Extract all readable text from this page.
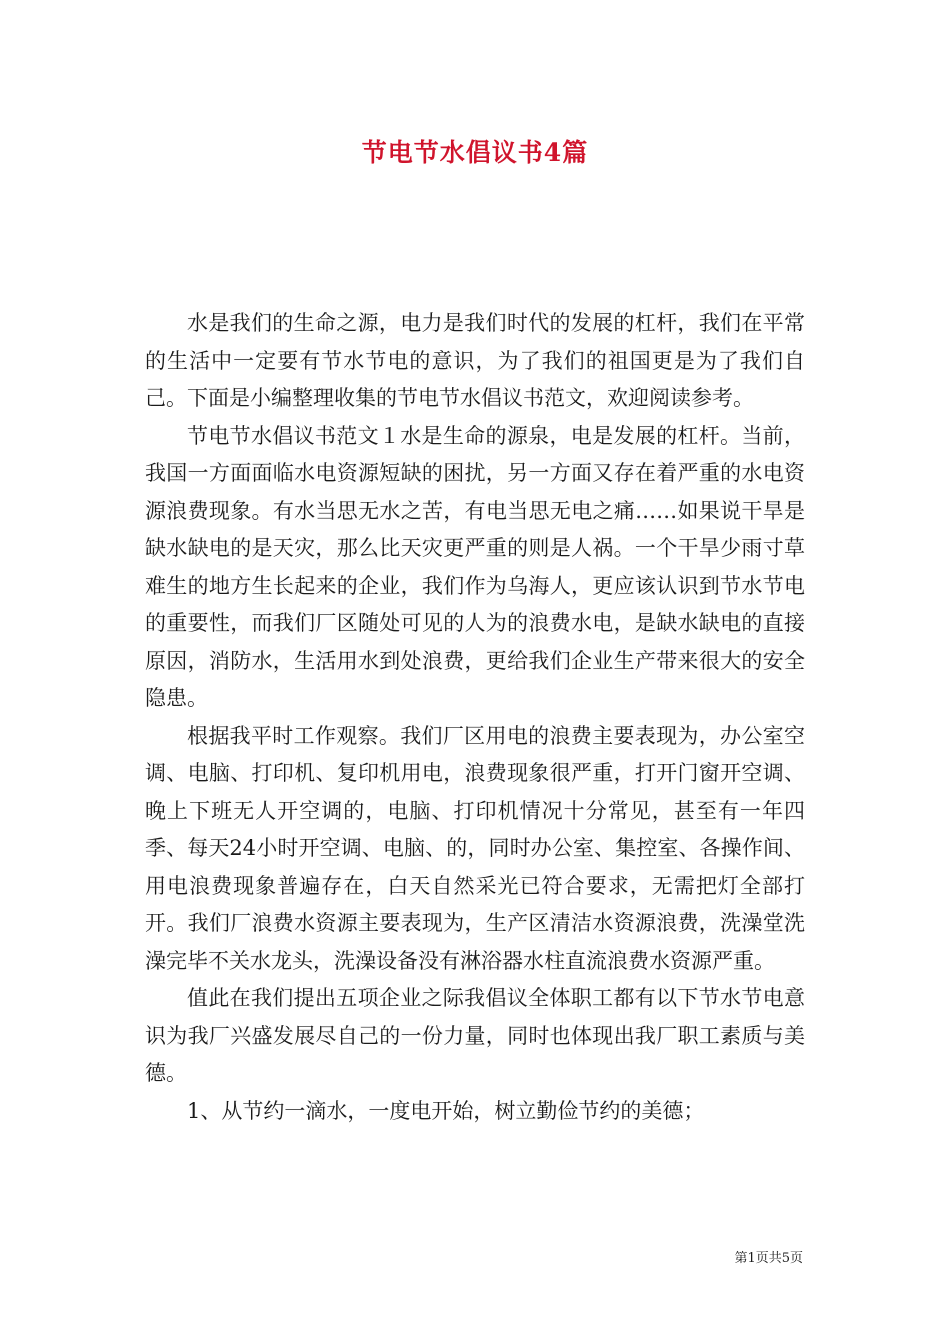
节电节水倡议书4篇

水是我们的生命之源，电力是我们时代的发展的杠杆，我们在平常的生活中一定要有节水节电的意识，为了我们的祖国更是为了我们自己。下面是小编整理收集的节电节水倡议书范文，欢迎阅读参考。

节电节水倡议书范文１水是生命的源泉，电是发展的杠杆。当前，我国一方面面临水电资源短缺的困扰，另一方面又存在着严重的水电资源浪费现象。有水当思无水之苦，有电当思无电之痛……如果说干旱是缺水缺电的是天灾，那么比天灾更严重的则是人祸。一个干旱少雨寸草难生的地方生长起来的企业，我们作为乌海人，更应该认识到节水节电的重要性，而我们厂区随处可见的人为的浪费水电，是缺水缺电的直接原因，消防水，生活用水到处浪费，更给我们企业生产带来很大的安全隐患。

根据我平时工作观察。我们厂区用电的浪费主要表现为，办公室空调、电脑、打印机、复印机用电，浪费现象很严重，打开门窗开空调、晚上下班无人开空调的，电脑、打印机情况十分常见，甚至有一年四季、每天24小时开空调、电脑、的，同时办公室、集控室、各操作间、用电浪费现象普遍存在，白天自然采光已符合要求，无需把灯全部打开。我们厂浪费水资源主要表现为，生产区清洁水资源浪费，洗澡堂洗澡完毕不关水龙头，洗澡设备没有淋浴器水柱直流浪费水资源严重。

值此在我们提出五项企业之际我倡议全体职工都有以下节水节电意识为我厂兴盛发展尽自己的一份力量，同时也体现出我厂职工素质与美德。

1、从节约一滴水，一度电开始，树立勤俭节约的美德；

第1页共5页
